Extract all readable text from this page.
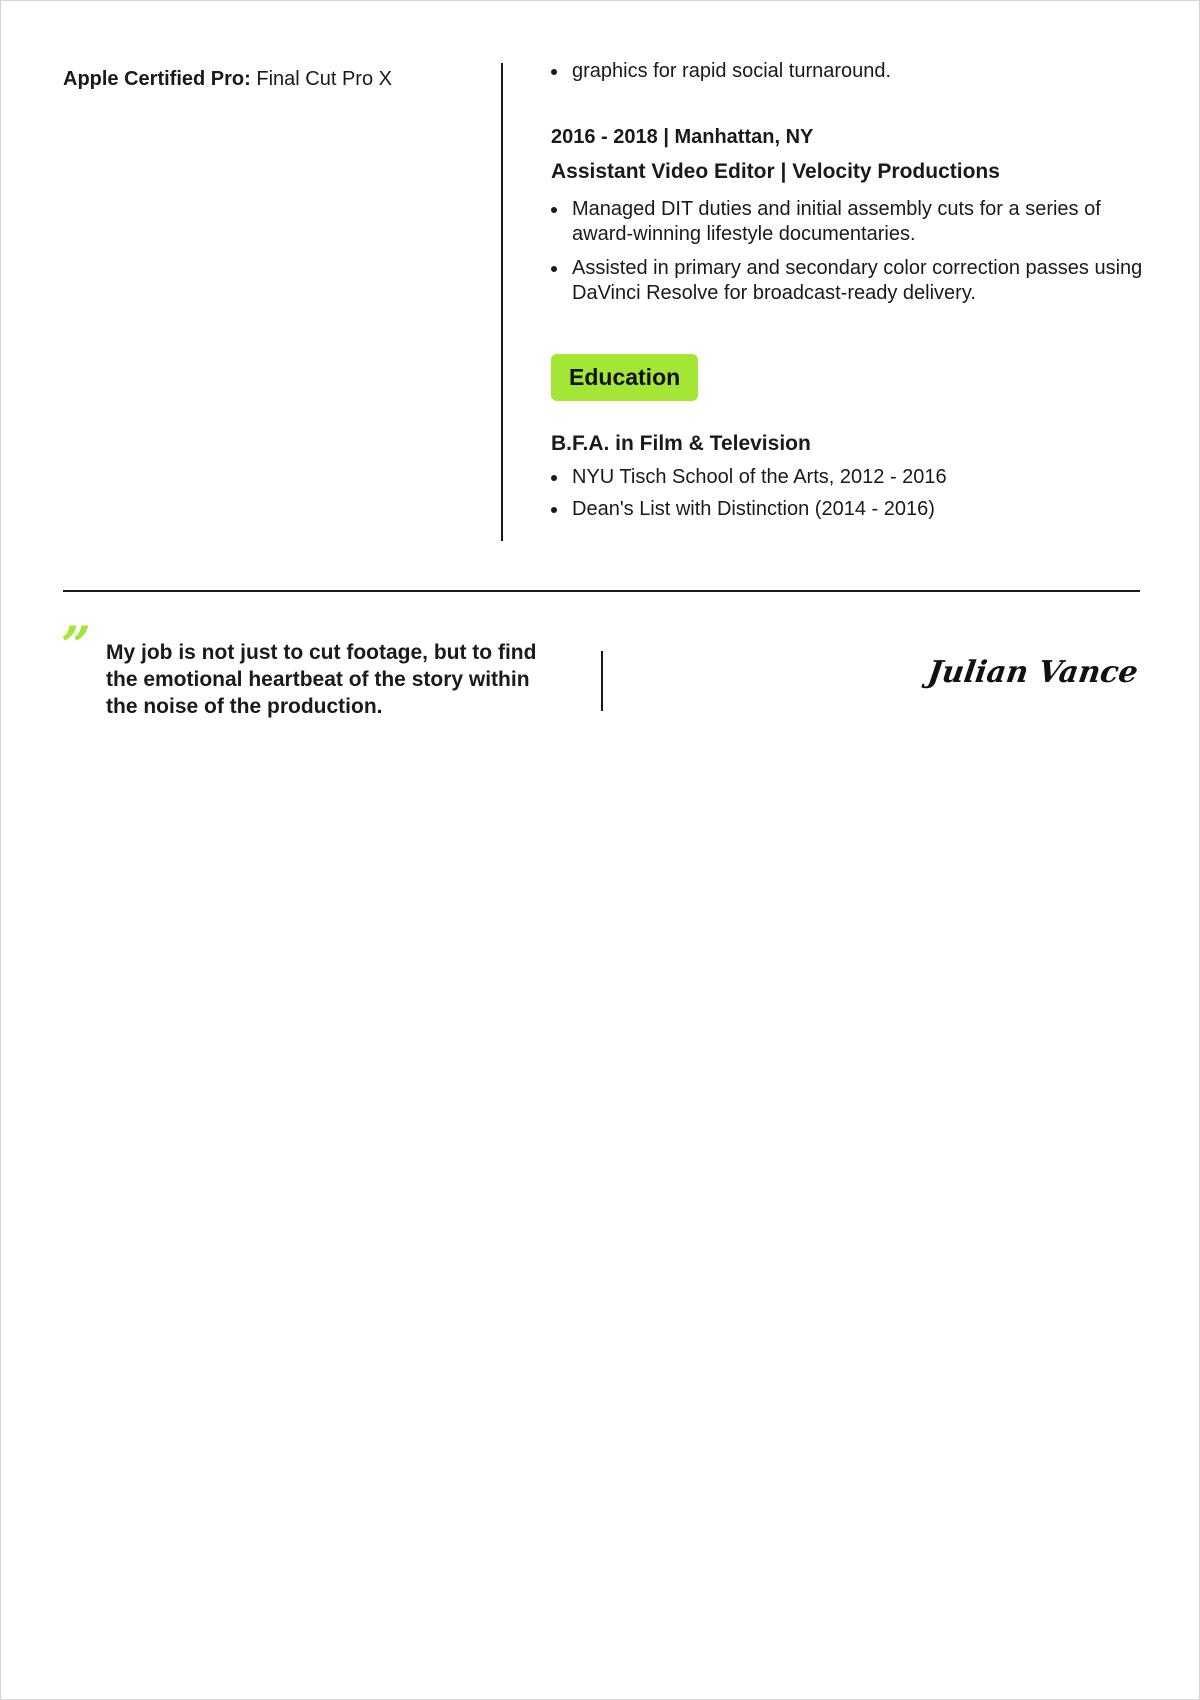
Apple Certified Pro: Final Cut Pro X	graphics for rapid social turnaround.
2016 - 2018 | Manhattan, NY
Assistant Video Editor | Velocity Productions
Managed DIT duties and initial assembly cuts for a series of award-winning lifestyle documentaries.
Assisted in primary and secondary color correction passes using DaVinci Resolve for broadcast-ready delivery.
Education
B.F.A. in Film & Television
NYU Tisch School of the Arts, 2012 - 2016
Dean's List with Distinction (2014 - 2016)
” My job is not just to cut footage, but to find the emotional heartbeat of the story within the noise of the production.
Julian Vance
